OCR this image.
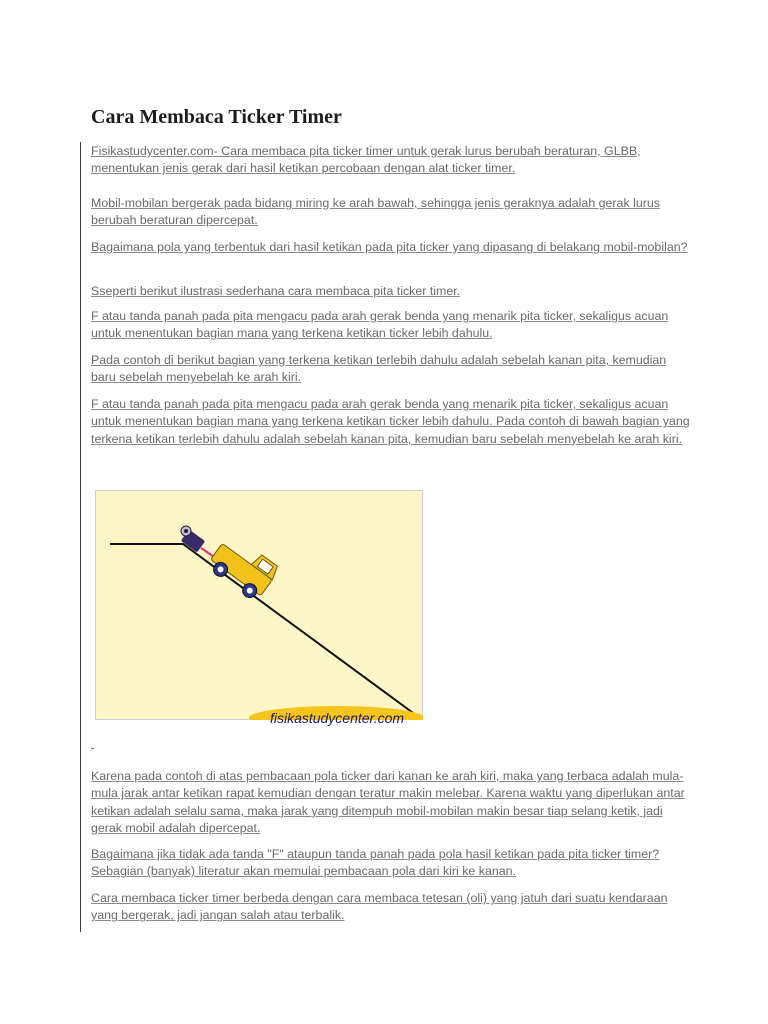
Cara Membaca Ticker Timer

Fisikastudycenter.com- Cara membaca pita ticker timer untuk gerak lurus berubah beraturan, GLBB, menentukan jenis gerak dari hasil ketikan percobaan dengan alat ticker timer.

Mobil-mobilan bergerak pada bidang miring ke arah bawah, sehingga jenis geraknya adalah gerak lurus berubah beraturan dipercepat.

Bagaimana pola yang terbentuk dari hasil ketikan pada pita ticker yang dipasang di belakang mobil-mobilan?

Sseperti berikut ilustrasi sederhana cara membaca pita ticker timer.

F atau tanda panah pada pita mengacu pada arah gerak benda yang menarik pita ticker, sekaligus acuan untuk menentukan bagian mana yang terkena ketikan ticker lebih dahulu.

Pada contoh di berikut bagian yang terkena ketikan terlebih dahulu adalah sebelah kanan pita, kemudian baru sebelah menyebelah ke arah kiri.

F atau tanda panah pada pita mengacu pada arah gerak benda yang menarik pita ticker, sekaligus acuan untuk menentukan bagian mana yang terkena ketikan ticker lebih dahulu. Pada contoh di bawah bagian yang terkena ketikan terlebih dahulu adalah sebelah kanan pita, kemudian baru sebelah menyebelah ke arah kiri.

fisikastudycenter.com

Karena pada contoh di atas pembacaan pola ticker dari kanan ke arah kiri, maka yang terbaca adalah mula-mula jarak antar ketikan rapat kemudian dengan teratur makin melebar. Karena waktu yang diperlukan antar ketikan adalah selalu sama, maka jarak yang ditempuh mobil-mobilan makin besar tiap selang ketik, jadi gerak mobil adalah dipercepat.

Bagaimana jika tidak ada tanda "F" ataupun tanda panah pada pola hasil ketikan pada pita ticker timer? Sebagian (banyak) literatur akan memulai pembacaan pola dari kiri ke kanan.

Cara membaca ticker timer berbeda dengan cara membaca tetesan (oli) yang jatuh dari suatu kendaraan yang bergerak, jadi jangan salah atau terbalik.
